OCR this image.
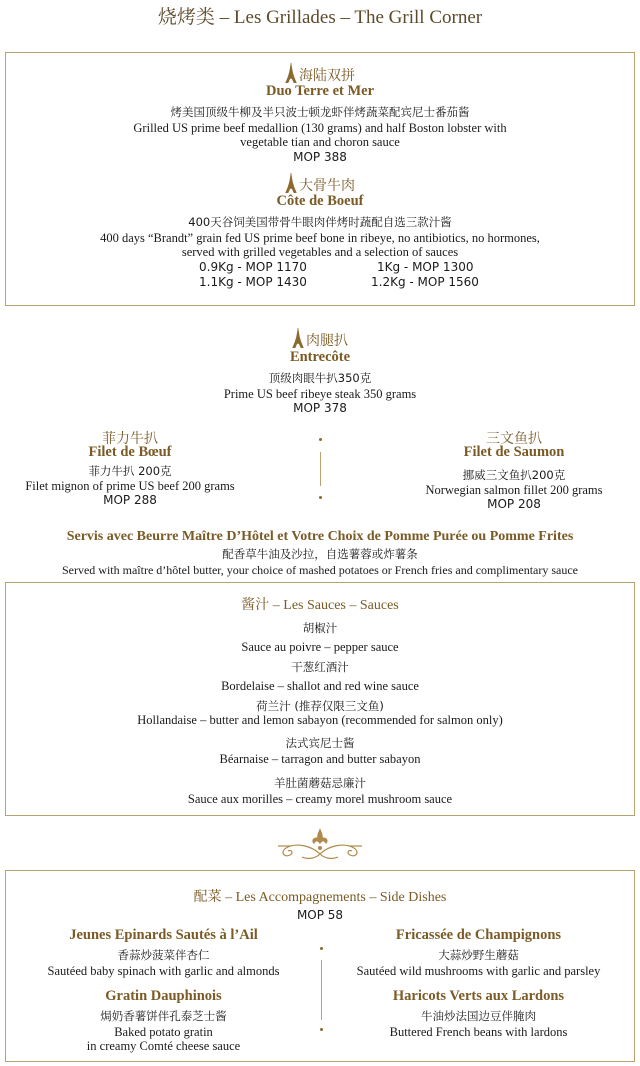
烧烤类 – Les Grillades – The Grill Corner
海陆双拼
Duo Terre et Mer
烤美国顶级牛柳及半只波士顿龙虾伴烤蔬菜配宾尼士番茄酱
Grilled US prime beef medallion (130 grams) and half Boston lobster with
vegetable tian and choron sauce
MOP 388
大骨牛肉
Côte de Boeuf
400天谷饲美国带骨牛眼肉伴烤时蔬配自选三款汁酱
400 days “Brandt” grain fed US prime beef bone in ribeye, no antibiotics, no hormones,
served with grilled vegetables and a selection of sauces
0.9Kg - MOP 1170	1Kg - MOP 1300
1.1Kg - MOP 1430	1.2Kg - MOP 1560
肉腿扒
Entrecôte
顶级肉眼牛扒350克
Prime US beef ribeye steak 350 grams
MOP 378
菲力牛扒
Filet de Bœuf
菲力牛扒 200克
Filet mignon of prime US beef 200 grams
MOP 288
三文鱼扒
Filet de Saumon
挪威三文鱼扒200克
Norwegian salmon fillet 200 grams
MOP 208
Servis avec Beurre Maître D’Hôtel et Votre Choix de Pomme Purée ou Pomme Frites
配香草牛油及沙拉，自选薯蓉或炸薯条
Served with maître d’hôtel butter, your choice of mashed potatoes or French fries and complimentary sauce
酱汁 – Les Sauces – Sauces
胡椒汁
Sauce au poivre – pepper sauce
干葱红酒汁
Bordelaise – shallot and red wine sauce
荷兰汁 (推荐仅限三文鱼)
Hollandaise – butter and lemon sabayon (recommended for salmon only)
法式宾尼士酱
Béarnaise – tarragon and butter sabayon
羊肚菌蘑菇忌廉汁
Sauce aux morilles – creamy morel mushroom sauce
配菜 – Les Accompagnements – Side Dishes
MOP 58
Jeunes Epinards Sautés à l’Ail
香蒜炒菠菜伴杏仁
Sautéed baby spinach with garlic and almonds
Gratin Dauphinois
焗奶香薯饼伴孔泰芝士酱
Baked potato gratin
in creamy Comté cheese sauce
Fricassée de Champignons
大蒜炒野生蘑菇
Sautéed wild mushrooms with garlic and parsley
Haricots Verts aux Lardons
牛油炒法国边豆伴腌肉
Buttered French beans with lardons
